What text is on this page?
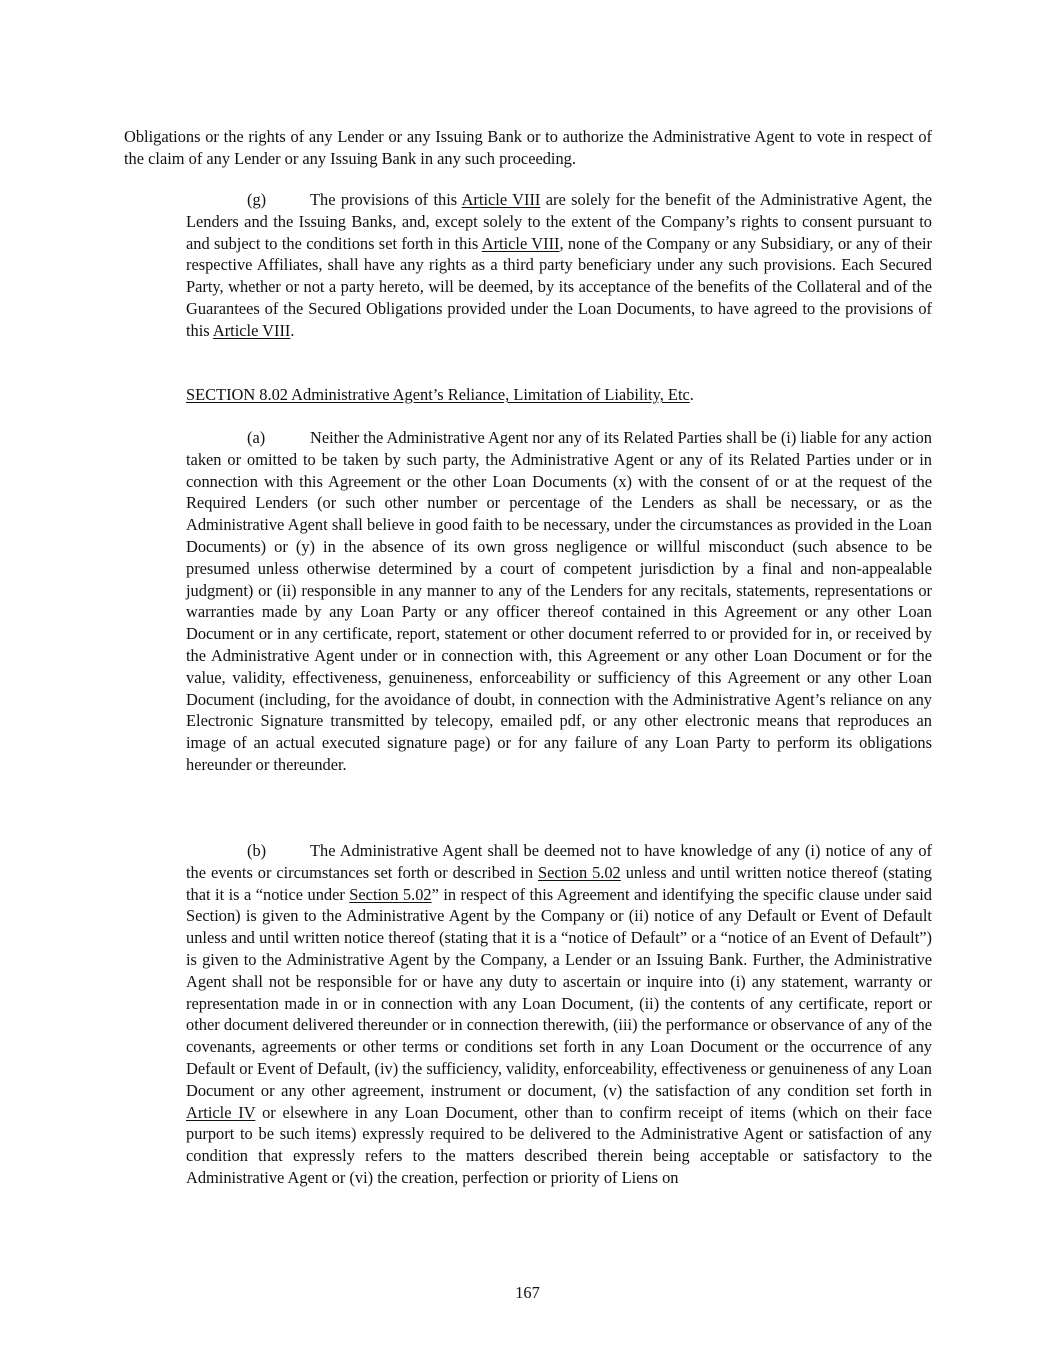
Obligations or the rights of any Lender or any Issuing Bank or to authorize the Administrative Agent to vote in respect of the claim of any Lender or any Issuing Bank in any such proceeding.

(g)	The provisions of this Article VIII are solely for the benefit of the Administrative Agent, the Lenders and the Issuing Banks, and, except solely to the extent of the Company’s rights to consent pursuant to and subject to the conditions set forth in this Article VIII, none of the Company or any Subsidiary, or any of their respective Affiliates, shall have any rights as a third party beneficiary under any such provisions. Each Secured Party, whether or not a party hereto, will be deemed, by its acceptance of the benefits of the Collateral and of the Guarantees of the Secured Obligations provided under the Loan Documents, to have agreed to the provisions of this Article VIII.

SECTION 8.02 Administrative Agent’s Reliance, Limitation of Liability, Etc.

(a)	Neither the Administrative Agent nor any of its Related Parties shall be (i) liable for any action taken or omitted to be taken by such party, the Administrative Agent or any of its Related Parties under or in connection with this Agreement or the other Loan Documents (x) with the consent of or at the request of the Required Lenders (or such other number or percentage of the Lenders as shall be necessary, or as the Administrative Agent shall believe in good faith to be necessary, under the circumstances as provided in the Loan Documents) or (y) in the absence of its own gross negligence or willful misconduct (such absence to be presumed unless otherwise determined by a court of competent jurisdiction by a final and non-appealable judgment) or (ii) responsible in any manner to any of the Lenders for any recitals, statements, representations or warranties made by any Loan Party or any officer thereof contained in this Agreement or any other Loan Document or in any certificate, report, statement or other document referred to or provided for in, or received by the Administrative Agent under or in connection with, this Agreement or any other Loan Document or for the value, validity, effectiveness, genuineness, enforceability or sufficiency of this Agreement or any other Loan Document (including, for the avoidance of doubt, in connection with the Administrative Agent’s reliance on any Electronic Signature transmitted by telecopy, emailed pdf, or any other electronic means that reproduces an image of an actual executed signature page) or for any failure of any Loan Party to perform its obligations hereunder or thereunder.

(b)	The Administrative Agent shall be deemed not to have knowledge of any (i) notice of any of the events or circumstances set forth or described in Section 5.02 unless and until written notice thereof (stating that it is a “notice under Section 5.02” in respect of this Agreement and identifying the specific clause under said Section) is given to the Administrative Agent by the Company or (ii) notice of any Default or Event of Default unless and until written notice thereof (stating that it is a “notice of Default” or a “notice of an Event of Default”) is given to the Administrative Agent by the Company, a Lender or an Issuing Bank. Further, the Administrative Agent shall not be responsible for or have any duty to ascertain or inquire into (i) any statement, warranty or representation made in or in connection with any Loan Document, (ii) the contents of any certificate, report or other document delivered thereunder or in connection therewith, (iii) the performance or observance of any of the covenants, agreements or other terms or conditions set forth in any Loan Document or the occurrence of any Default or Event of Default, (iv) the sufficiency, validity, enforceability, effectiveness or genuineness of any Loan Document or any other agreement, instrument or document, (v) the satisfaction of any condition set forth in Article IV or elsewhere in any Loan Document, other than to confirm receipt of items (which on their face purport to be such items) expressly required to be delivered to the Administrative Agent or satisfaction of any condition that expressly refers to the matters described therein being acceptable or satisfactory to the Administrative Agent or (vi) the creation, perfection or priority of Liens on

167
